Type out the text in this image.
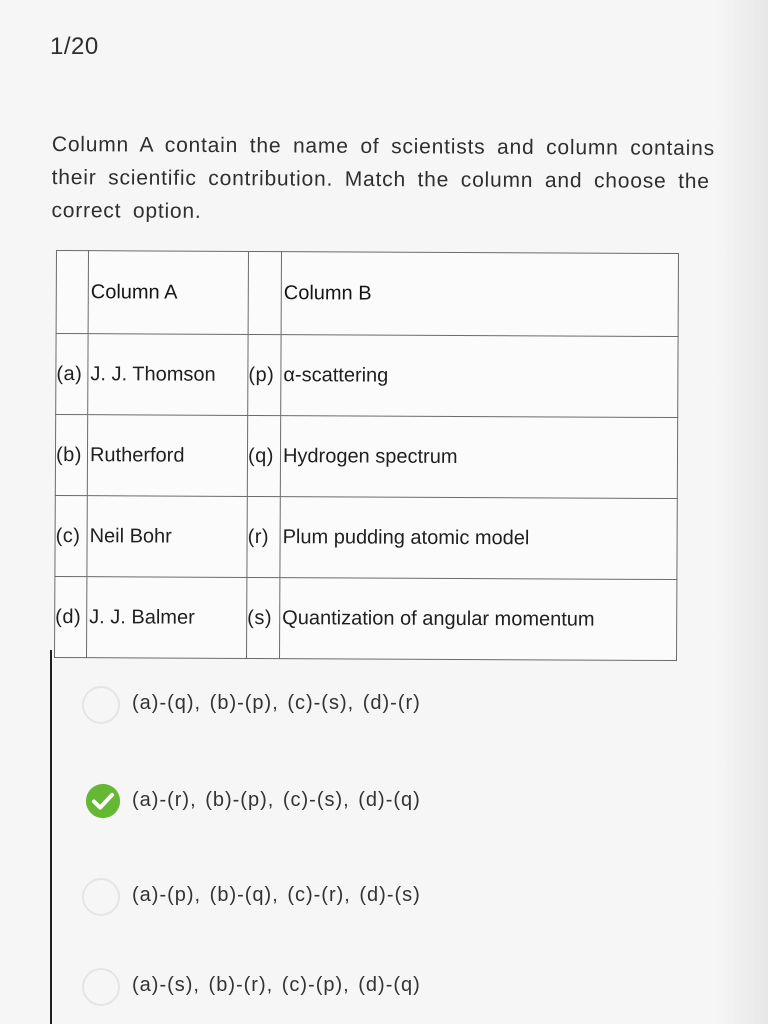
1/20
Column A contain the name of scientists and column contains their scientific contribution. Match the column and choose the correct option.
	Column A		Column B
(a)	J. J. Thomson	(p)	α-scattering
(b)	Rutherford	(q)	Hydrogen spectrum
(c)	Neil Bohr	(r)	Plum pudding atomic model
(d)	J. J. Balmer	(s)	Quantization of angular momentum
(a)-(q), (b)-(p), (c)-(s), (d)-(r)
(a)-(r), (b)-(p), (c)-(s), (d)-(q)
(a)-(p), (b)-(q), (c)-(r), (d)-(s)
(a)-(s), (b)-(r), (c)-(p), (d)-(q)
